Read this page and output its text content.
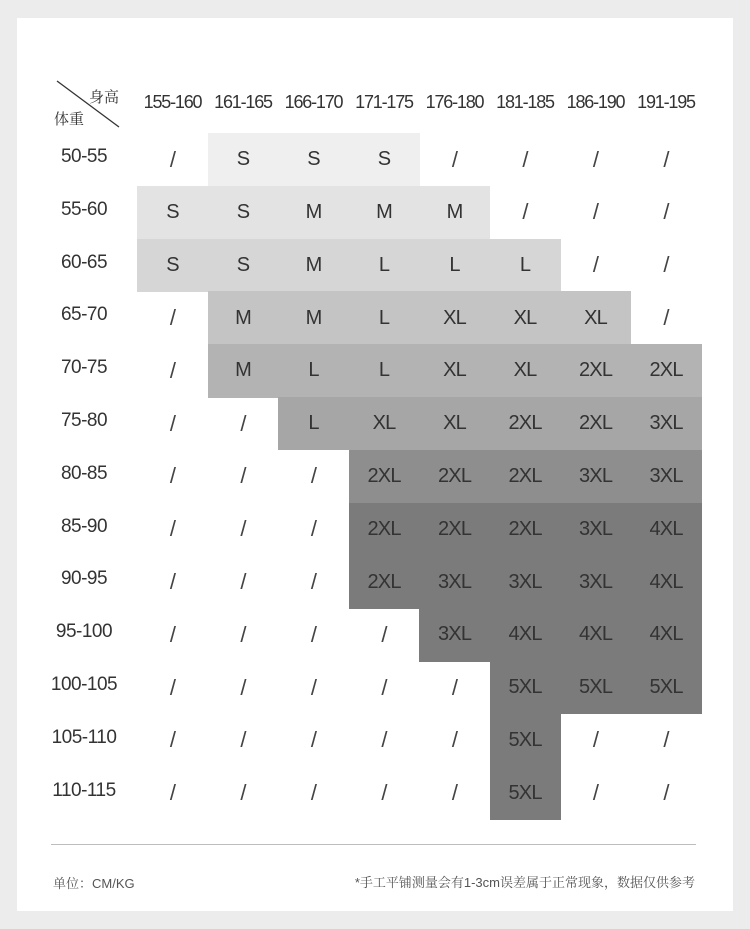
身高
体重
155-160 161-165 166-170 171-175 176-180 181-185 186-190 191-195
50-55	/	S	S	S	/	/	/	/
55-60	S	S	M	M	M	/	/	/
60-65	S	S	M	L	L	L	/	/
65-70	/	M	M	L	XL	XL	XL	/
70-75	/	M	L	L	XL	XL	2XL	2XL
75-80	/	/	L	XL	XL	2XL	2XL	3XL
80-85	/	/	/	2XL	2XL	2XL	3XL	3XL
85-90	/	/	/	2XL	2XL	2XL	3XL	4XL
90-95	/	/	/	2XL	3XL	3XL	3XL	4XL
95-100	/	/	/	/	3XL	4XL	4XL	4XL
100-105	/	/	/	/	/	5XL	5XL	5XL
105-110	/	/	/	/	/	5XL	/	/
110-115	/	/	/	/	/	5XL	/	/
单位：CM/KG	*手工平铺测量会有1-3cm误差属于正常现象，数据仅供参考
